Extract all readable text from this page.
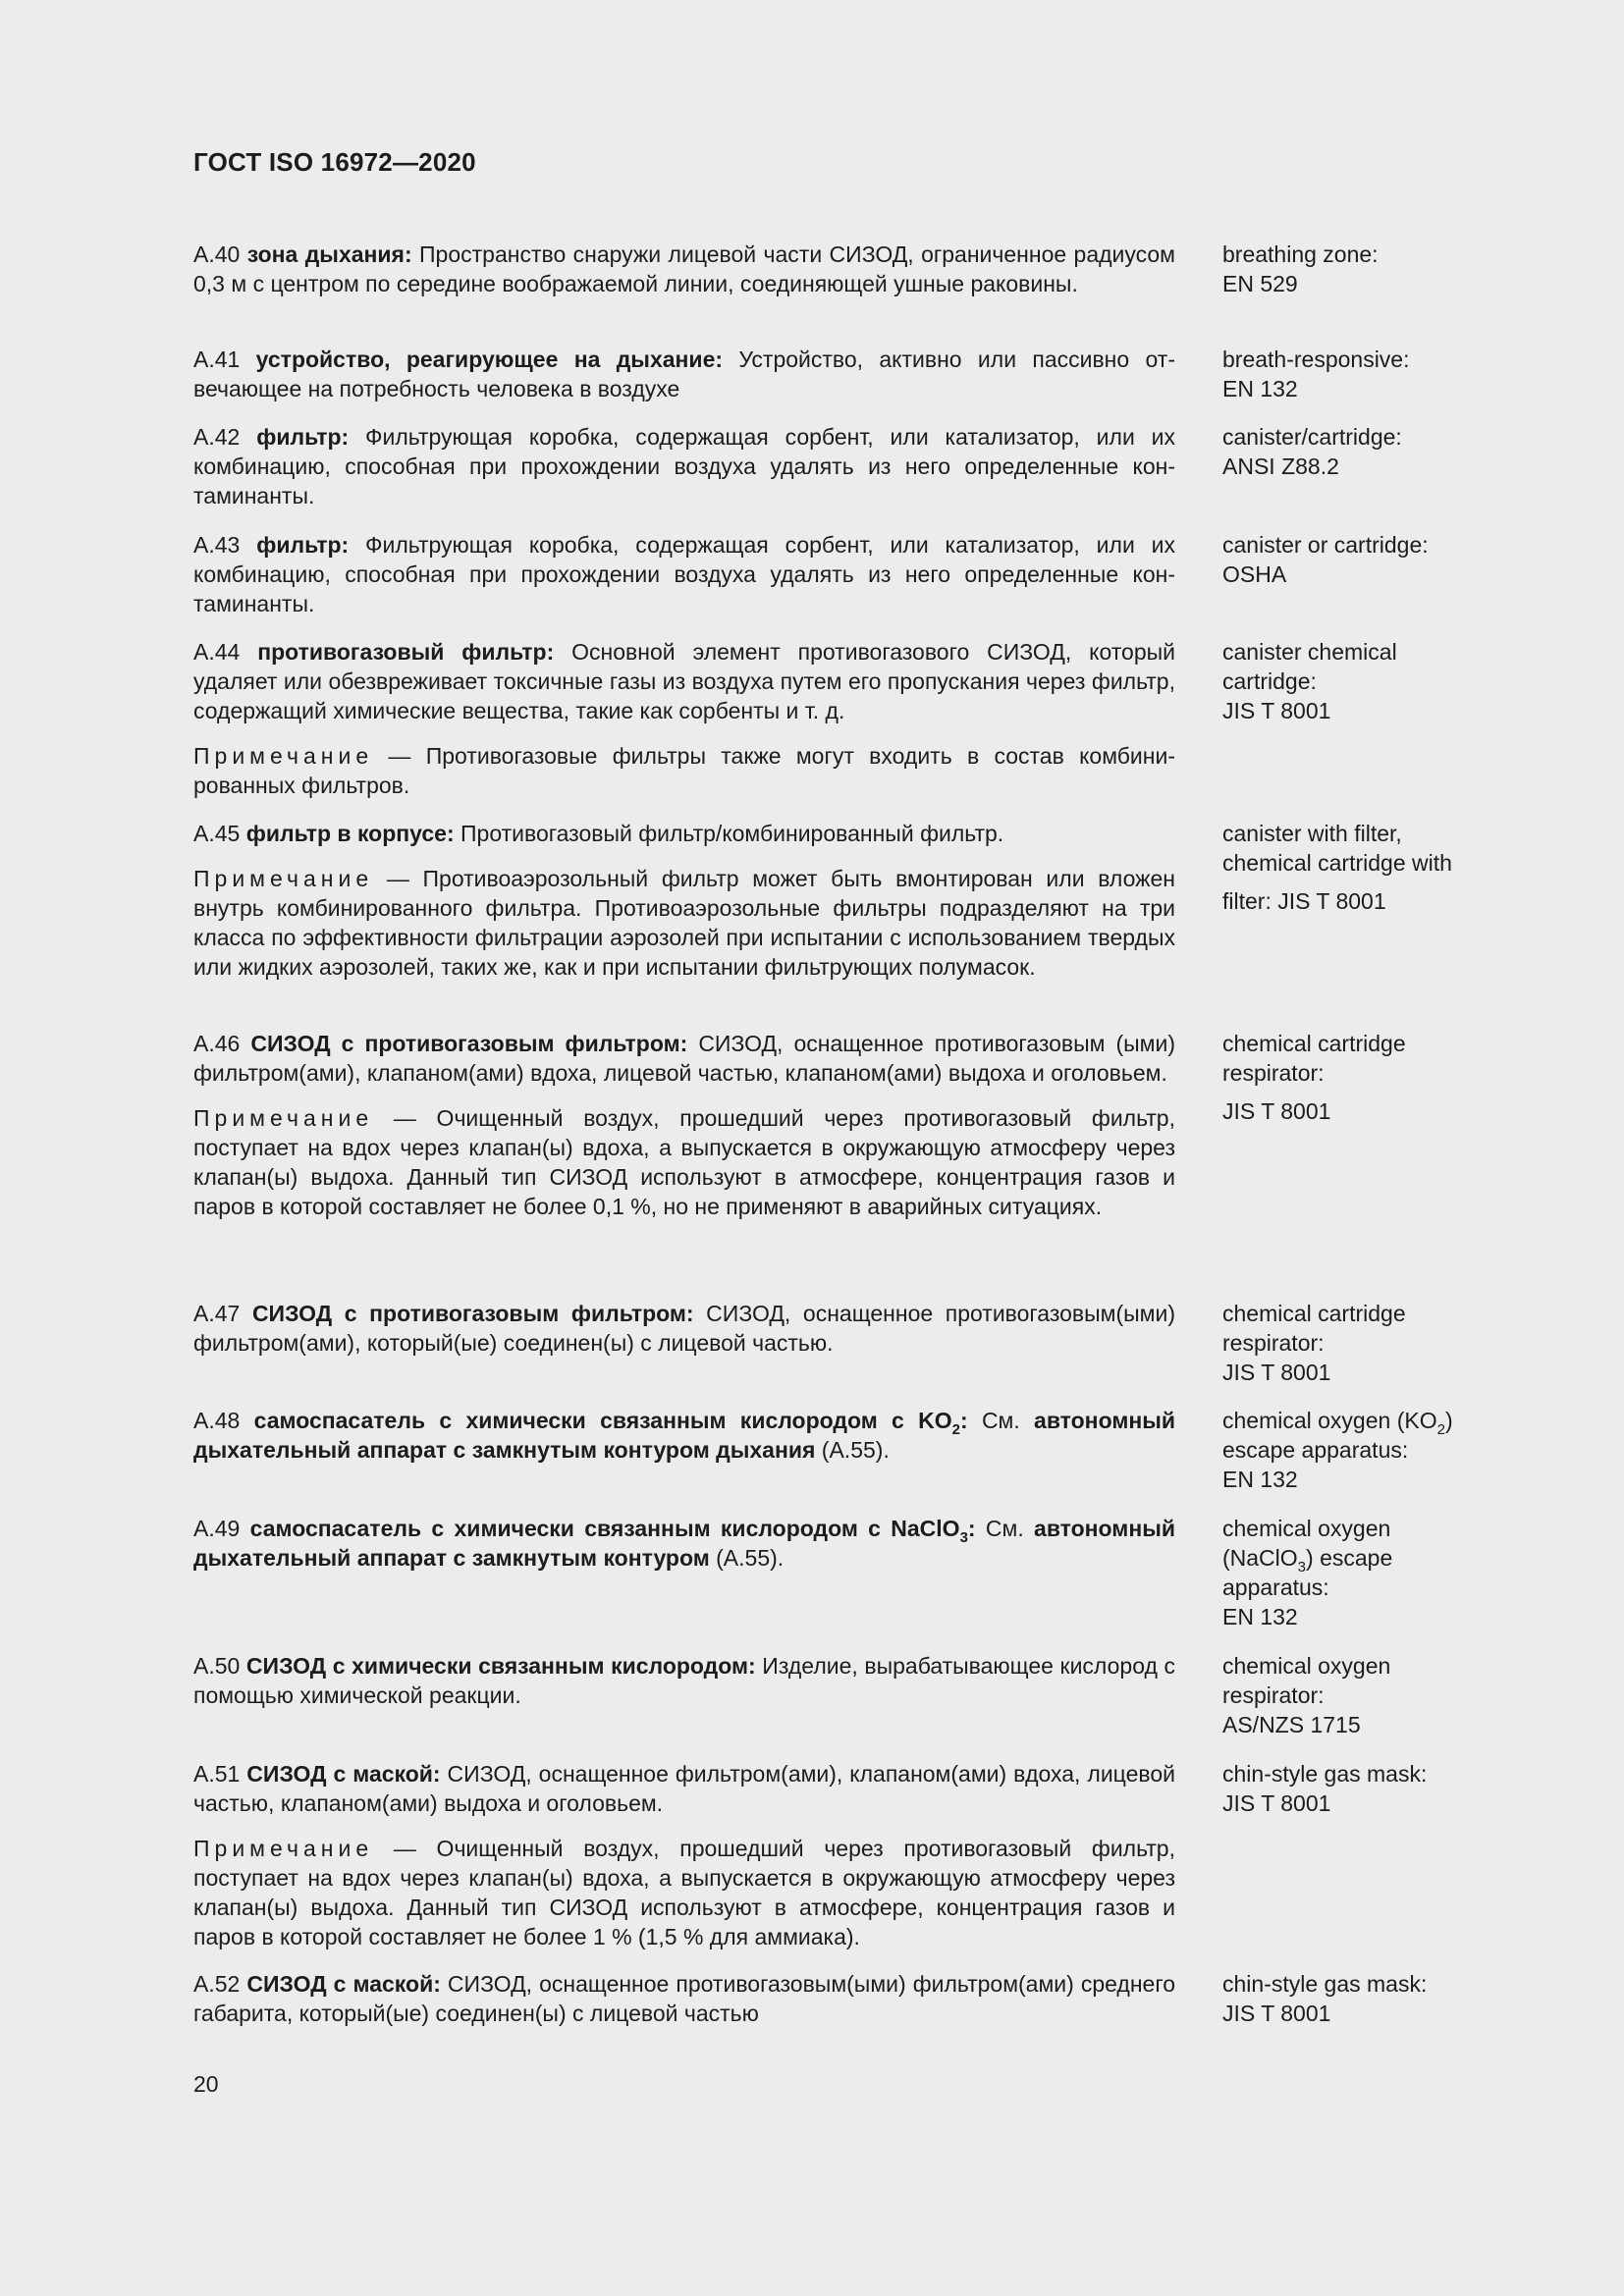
ГОСТ ISO 16972—2020

А.40 зона дыхания: Пространство снаружи лицевой части СИЗОД, ограниченное радиусом 0,3 м с центром по середине воображаемой линии, соединяющей ушные раковины.

breathing zone:
EN 529

А.41 устройство, реагирующее на дыхание: Устройство, активно или пассивно отвечающее на потребность человека в воздухе

breath-responsive:
EN 132

А.42 фильтр: Фильтрующая коробка, содержащая сорбент, или катализатор, или их комбинацию, способная при прохождении воздуха удалять из него определенные контаминанты.

canister/cartridge:
ANSI Z88.2

А.43 фильтр: Фильтрующая коробка, содержащая сорбент, или катализатор, или их комбинацию, способная при прохождении воздуха удалять из него определенные контаминанты.

canister or cartridge:
OSHA

А.44 противогазовый фильтр: Основной элемент противогазового СИЗОД, который удаляет или обезвреживает токсичные газы из воздуха путем его пропускания через фильтр, содержащий химические вещества, такие как сорбенты и т. д.

Примечание — Противогазовые фильтры также могут входить в состав комбинированных фильтров.

canister chemical
cartridge:
JIS T 8001

А.45 фильтр в корпусе: Противогазовый фильтр/комбинированный фильтр.

Примечание — Противоаэрозольный фильтр может быть вмонтирован или вложен внутрь комбинированного фильтра. Противоаэрозольные фильтры подразделяют на три класса по эффективности фильтрации аэрозолей при испытании с использованием твердых или жидких аэрозолей, таких же, как и при испытании фильтрующих полумасок.

canister with filter,
chemical cartridge with
filter: JIS T 8001

А.46 СИЗОД с противогазовым фильтром: СИЗОД, оснащенное противогазовым (ыми) фильтром(ами), клапаном(ами) вдоха, лицевой частью, клапаном(ами) выдоха и оголовьем.

Примечание — Очищенный воздух, прошедший через противогазовый фильтр, поступает на вдох через клапан(ы) вдоха, а выпускается в окружающую атмосферу через клапан(ы) выдоха. Данный тип СИЗОД используют в атмосфере, концентрация газов и паров в которой составляет не более 0,1 %, но не применяют в аварийных ситуациях.

chemical cartridge
respirator:
JIS T 8001

А.47 СИЗОД с противогазовым фильтром: СИЗОД, оснащенное противогазовым(ыми) фильтром(ами), который(ые) соединен(ы) с лицевой частью.

chemical cartridge
respirator:
JIS T 8001

А.48 самоспасатель с химически связанным кислородом с $KO_2$: См. автономный дыхательный аппарат с замкнутым контуром дыхания (А.55).

chemical oxygen $(KO_2)$
escape apparatus:
EN 132

А.49 самоспасатель с химически связанным кислородом с NaClO$_3$: См. автономный дыхательный аппарат с замкнутым контуром (А.55).

chemical oxygen
(NaClO$_3$) escape
apparatus:
EN 132

А.50 СИЗОД с химически связанным кислородом: Изделие, вырабатывающее кислород с помощью химической реакции.

chemical oxygen
respirator:
AS/NZS 1715

А.51 СИЗОД с маской: СИЗОД, оснащенное фильтром(ами), клапаном(ами) вдоха, лицевой частью, клапаном(ами) выдоха и оголовьем.

Примечание — Очищенный воздух, прошедший через противогазовый фильтр, поступает на вдох через клапан(ы) вдоха, а выпускается в окружающую атмосферу через клапан(ы) выдоха. Данный тип СИЗОД используют в атмосфере, концентрация газов и паров в которой составляет не более 1 % (1,5 % для аммиака).

chin-style gas mask:
JIS T 8001

А.52 СИЗОД с маской: СИЗОД, оснащенное противогазовым(ыми) фильтром(ами) среднего габарита, который(ые) соединен(ы) с лицевой частью

chin-style gas mask:
JIS T 8001
20
